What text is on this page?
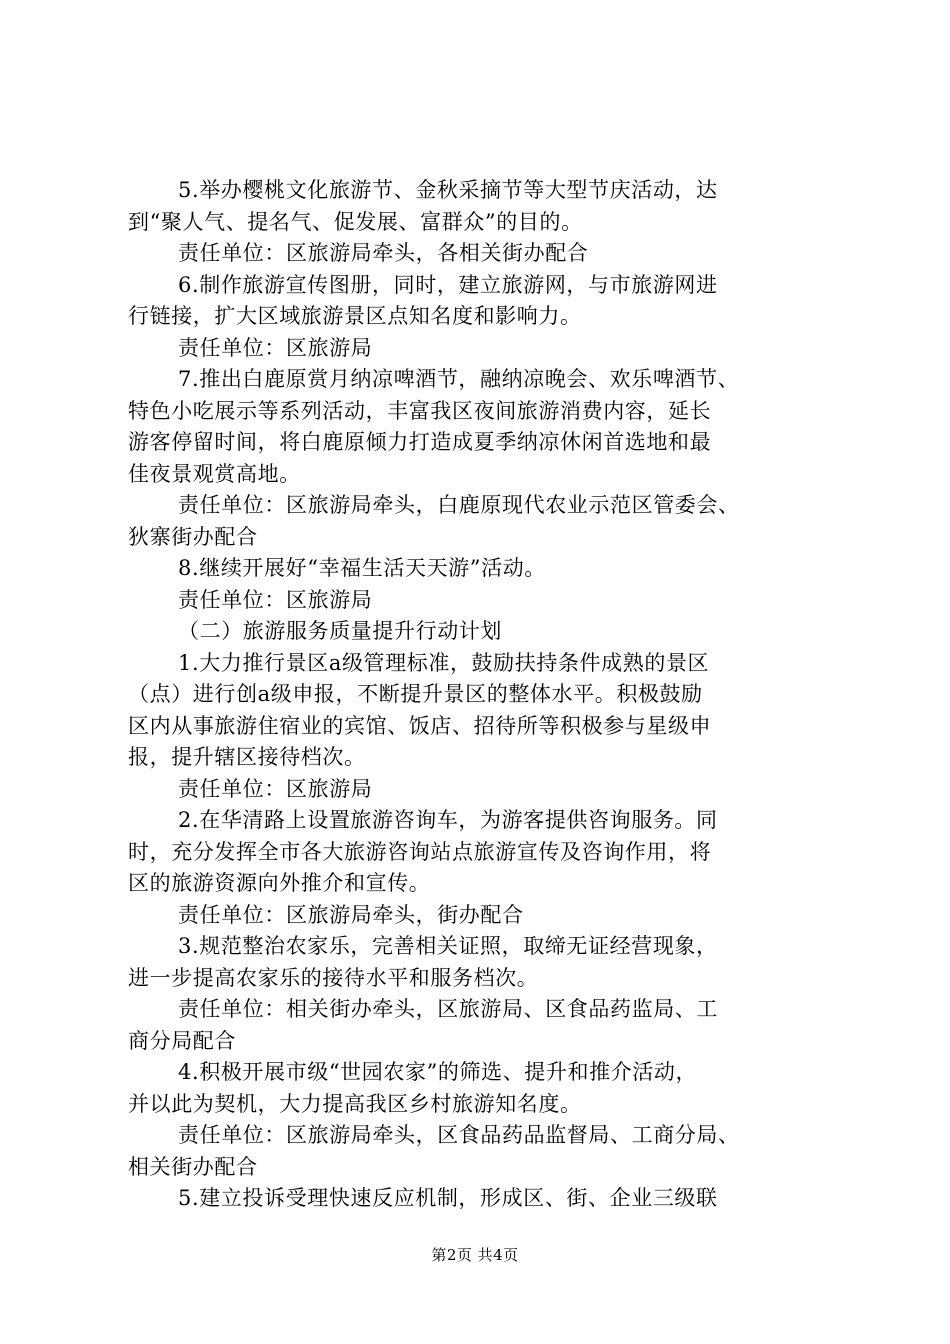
5.举办樱桃文化旅游节、金秋采摘节等大型节庆活动，达
到“聚人气、提名气、促发展、富群众”的目的。
责任单位：区旅游局牵头，各相关街办配合
6.制作旅游宣传图册，同时，建立旅游网，与市旅游网进
行链接，扩大区域旅游景区点知名度和影响力。
责任单位：区旅游局
7.推出白鹿原赏月纳凉啤酒节，融纳凉晚会、欢乐啤酒节、
特色小吃展示等系列活动，丰富我区夜间旅游消费内容，延长
游客停留时间，将白鹿原倾力打造成夏季纳凉休闲首选地和最
佳夜景观赏高地。
责任单位：区旅游局牵头，白鹿原现代农业示范区管委会、
狄寨街办配合
8.继续开展好“幸福生活天天游”活动。
责任单位：区旅游局
（二）旅游服务质量提升行动计划
1.大力推行景区a级管理标准，鼓励扶持条件成熟的景区
（点）进行创a级申报，不断提升景区的整体水平。积极鼓励
区内从事旅游住宿业的宾馆、饭店、招待所等积极参与星级申
报，提升辖区接待档次。
责任单位：区旅游局
2.在华清路上设置旅游咨询车，为游客提供咨询服务。同
时，充分发挥全市各大旅游咨询站点旅游宣传及咨询作用，将
区的旅游资源向外推介和宣传。
责任单位：区旅游局牵头，街办配合
3.规范整治农家乐，完善相关证照，取缔无证经营现象，
进一步提高农家乐的接待水平和服务档次。
责任单位：相关街办牵头，区旅游局、区食品药监局、工
商分局配合
4.积极开展市级“世园农家”的筛选、提升和推介活动，
并以此为契机，大力提高我区乡村旅游知名度。
责任单位：区旅游局牵头，区食品药品监督局、工商分局、
相关街办配合
5.建立投诉受理快速反应机制，形成区、街、企业三级联
第2页 共4页
